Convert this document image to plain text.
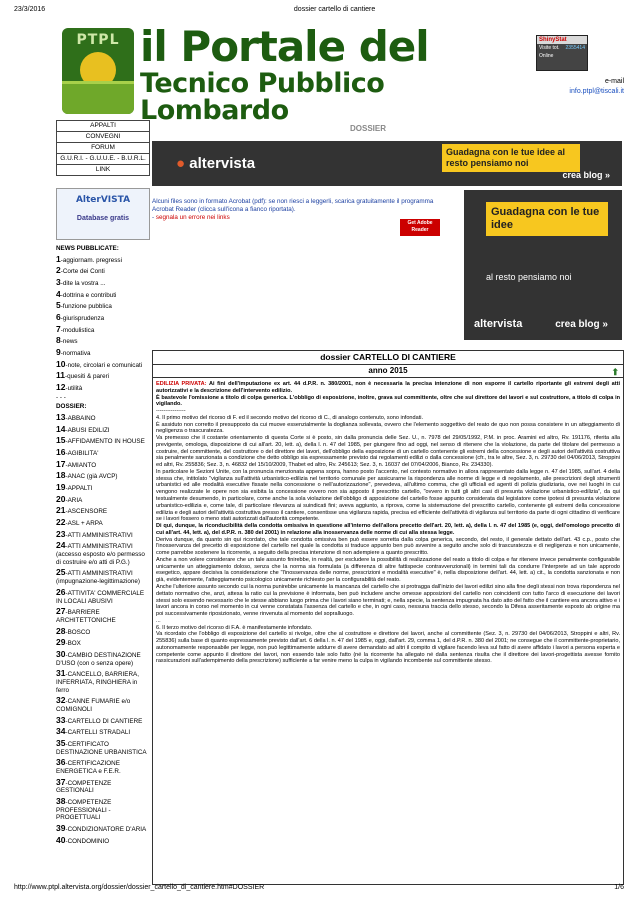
23/3/2016	dossier cartello di cantiere
PTPL il Portale del
Tecnico Pubblico Lombardo
ShinyStat
Visite tot. 2355414
Online
e-mail
info.ptpl@tiscali.it
APPALTI
CONVEGNI
FORUM
G.U.R.I. - G.U.U.E. - B.U.R.L.
LINK
DOSSIER
● altervista
Guadagna con le tue idee al resto pensiamo noi
crea blog »
AlterVISTA
Database gratis
NEWS PUBBLICATE:
1-aggiornam. pregressi
2-Corte dei Conti
3-dite la vostra ...
4-dottrina e contributi
5-funzione pubblica
6-giurisprudenza
7-modulistica
8-news
9-normativa
10-note, circolari e comunicati
11-quesiti & pareri
12-utilità
- - -
DOSSIER:
13-ABBAINO
14-ABUSI EDILIZI
15-AFFIDAMENTO IN HOUSE
16-AGIBILITA'
17-AMIANTO
18-ANAC (già AVCP)
19-APPALTI
20-ARIA
21-ASCENSORE
22-ASL + ARPA
23-ATTI AMMINISTRATIVI
24-ATTI AMMINISTRATIVI (accesso esposto e/o permesso di costruire e/o atti di P.G.)
25-ATTI AMMINISTRATIVI (impugnazione-legittimazione)
26-ATTIVITA' COMMERCIALE IN LOCALI ABUSIVI
27-BARRIERE ARCHITETTONICHE
28-BOSCO
29-BOX
30-CAMBIO DESTINAZIONE D'USO (con o senza opere)
31-CANCELLO, BARRIERA, INFERRIATA, RINGHIERA in ferro
32-CANNE FUMARIE e/o COMIGNOLI
33-CARTELLO DI CANTIERE
34-CARTELLI STRADALI
35-CERTIFICATO DESTINAZIONE URBANISTICA
36-CERTIFICAZIONE ENERGETICA e F.E.R.
37-COMPETENZE GESTIONALI
38-COMPETENZE PROFESSIONALI - PROGETTUALI
39-CONDIZIONATORE D'ARIA
40-CONDOMINIO
Alcuni files sono in formato Acrobat (pdf): se non riesci a leggerli, scarica gratuitamente il programma Acrobat Reader (clicca sull'icona a fianco riportata).
- segnala un errore nei links
Get Adobe Reader
Guadagna con le tue idee
al resto pensiamo noi
altervista	crea blog »
dossier CARTELLO DI CANTIERE
anno 2015	⬆

EDILIZIA PRIVATA: Ai fini dell'imputazione ex art. 44 d.P.R. n. 380/2001, non è necessaria la precisa intenzione di non esporre il cartello riportante gli estremi degli atti autorizzativi e la descrizione dell'intervento edilizio.

È bastevole l'omissione a titolo di colpa generica. L'obbligo di esposizione, inoltre, grava sul committente, oltre che sul direttore dei lavori e sul costruttore, a titolo di colpa in vigilando.

----------------

4. Il primo motivo del ricorso di F. ed il secondo motivo del ricorso di C., di analogo contenuto, sono infondati.

È assiduto non corretto il presupposto da cui muove essenzialmente la doglianza sollevata, ovvero che l'elemento soggettivo del reato de quo non possa consistere in un atteggiamento di negligenza o trascuratezza.

Va premesso che il costante orientamento di questa Corte si è posto, sin dalla pronuncia delle Sez. U., n. 7978 del 29/05/1992, P.M. in proc. Aramini ed altro, Rv. 191176, riferita alla previgente, omologa, disposizione di cui all'art. 20, lett. a), della l. n. 47 del 1985, per giungere fino ad oggi, nel senso di ritenere che la violazione, da parte del titolare del permesso a costruire, del committente, del costruttore o del direttore dei lavori, dell'obbligo della esposizione di un cartello contenente gli estremi della concessione e degli autori dell'attività costruttiva sia penalmente sanzionata a condizione che detto obbligo sia espressamente previsto dai regolamenti edilizi o dalla concessione (cfr., tra le altre, Sez. 3, n. 29730 del 04/06/2013, Stroppini ed altri, Rv. 255836; Sez. 3, n. 46832 del 15/10/2009, Thabet ed altro, Rv. 245613; Sez. 3, n. 16037 del 07/04/2006, Bianco, Rv. 234330).

In particolare le Sezioni Unite, con la pronuncia menzionata appena sopra, hanno posto l'accento, nel contesto normativo in allora rappresentato dalla legge n. 47 del 1985, sull'art. 4 della stessa che, intitolato "vigilanza sull'attività urbanistico-edilizia nel territorio comunale per assicurarne la rispondenza alle norme di legge e di regolamento, alle prescrizioni degli strumenti urbanistici ed alle modalità esecutive fissate nella concessione o nell'autorizzazione", prevedeva, all'ultimo comma, che gli ufficiali ed agenti di polizia giudiziaria, ove nei luoghi in cui vengono realizzate le opere non sia esibita la concessione ovvero non sia apposto il prescritto cartello, "ovvero in tutti gli altri casi di presunta violazione urbanistico-edilizia", da qui testualmente desumendo, in particolare, come anche la sola violazione dell'obbligo di apposizione del cartello fosse appunto considerata dal legislatore come ipotesi di presunta violazione urbanistico-edilizia e, come tale, di particolare rilevanza ai suindicati fini; aveva aggiunto, a riprova, come la sistemazione del prescritto cartello, contenente gli estremi della concessione edilizia e degli autori dell'attività costruttiva presso il cantiere, consentisse una vigilanza rapida, precisa ed efficiente dell'attività di vigilanza sul territorio da parte di ogni cittadino di verificare se i lavori fossero o meno stati autorizzati dall'autorità competente.

Di qui, dunque, la riconducibilità della condotta omissiva in questione all'interno dell'allora precetto dell'art. 20, lett. a), della l. n. 47 del 1985 (e, oggi, dell'omologo precetto di cui all'art. 44, lett. a), del d.P.R. n. 380 del 2001) in relazione alla inosservanza delle norme di cui alla stessa legge.

Deriva dunque, da quanto sin qui ricordato, che tale condotta omissiva ben può essere sorretta dalla colpa generica, secondo, del resto, il generale dettato dell'art. 43 c.p., posto che l'inosservanza del precetto di esposizione del cartello nel quale la condotta si traduce appunto ben può avvenire a seguito anche solo di trascuratezza e di negligenza e non unicamente, come parrebbe sostenere la ricorrente, a seguito della precisa intenzione di non adempiere a quanto prescritto.

Anche a non volere considerare che un tale assunto finirebbe, in realtà, per escludere la possibilità di realizzazione del reato a titolo di colpa e far ritenere invece penalmente configurabile unicamente un atteggiamento doloso, senza che la norma sia formulata (a differenza di altre fattispecie contravvenzionali) in termini tali da condurre l'interprete ad un tale approdo esegetico, appare decisiva la considerazione che "l'inosservanza delle norme, prescrizioni e modalità esecutive" è, nella disposizione dell'art. 44, lett. a) cit., la condotta sanzionata e non già, evidentemente, l'atteggiamento psicologico unicamente richiesto per la configurabilità del reato.

Anche l'ulteriore assunto secondo cui la norma punirebbe unicamente la mancanza del cartello che si protragga dall'inizio dei lavori edilizi sino alla fine degli stessi non trova rispondenza nel dettato normativo che, anzi, attesa la ratio cui la previsione è informata, ben può includere anche omesse apposizioni del cartello non coincidenti con tutto l'arco di esecuzione dei lavori stessi solo essendo necessario che le stesse abbiano luogo prima che i lavori siano terminati; e, nella specie, la sentenza impugnata ha dato atto del fatto che il cantiere era ancora attivo e i lavori ancora in corso nel momento in cui venne constatata l'assenza del cartello e che, in ogni caso, nessuna traccia dello stesso, secondo la Difesa asseritamente esposto ab origine ma poi successivamente riposizionato, venne rinvenuta al momento del sopralluogo.

...

6. Il terzo motivo del ricorso di F.A. è manifestamente infondato.

Va ricordato che l'obbligo di esposizione del cartello si rivolge, oltre che al costruttore e direttore dei lavori, anche al committente (Sez. 3, n. 29730 del 04/06/2013, Stroppini e altri, Rv. 255836) sulla base di quanto espressamente previsto dall'art. 6 della l. n. 47 del 1985 e, oggi, dall'art. 29, comma 1, del d.P.R. n. 380 del 2001; ne consegue che il committente-proprietario, autonomamente responsabile per legge, non può legittimamente addurre di avere demandato ad altri il compito di vigilare facendo leva sul fatto di avere affidato i lavori a persona esperta e competente come appunto il direttore dei lavori, non essendo tale solo fatto (né la ricorrente ha allegato né dalla sentenza risulta che il direttore dei lavori-progettista avesse fornito rassicurazioni sull'adempimento della prescrizione) sufficiente a far venire meno la culpa in vigilando incombente sul committente stesso.

http://www.ptpl.altervista.org/dossier/dossier_cartello_di_cantiere.htm#DOSSIER	1/6
